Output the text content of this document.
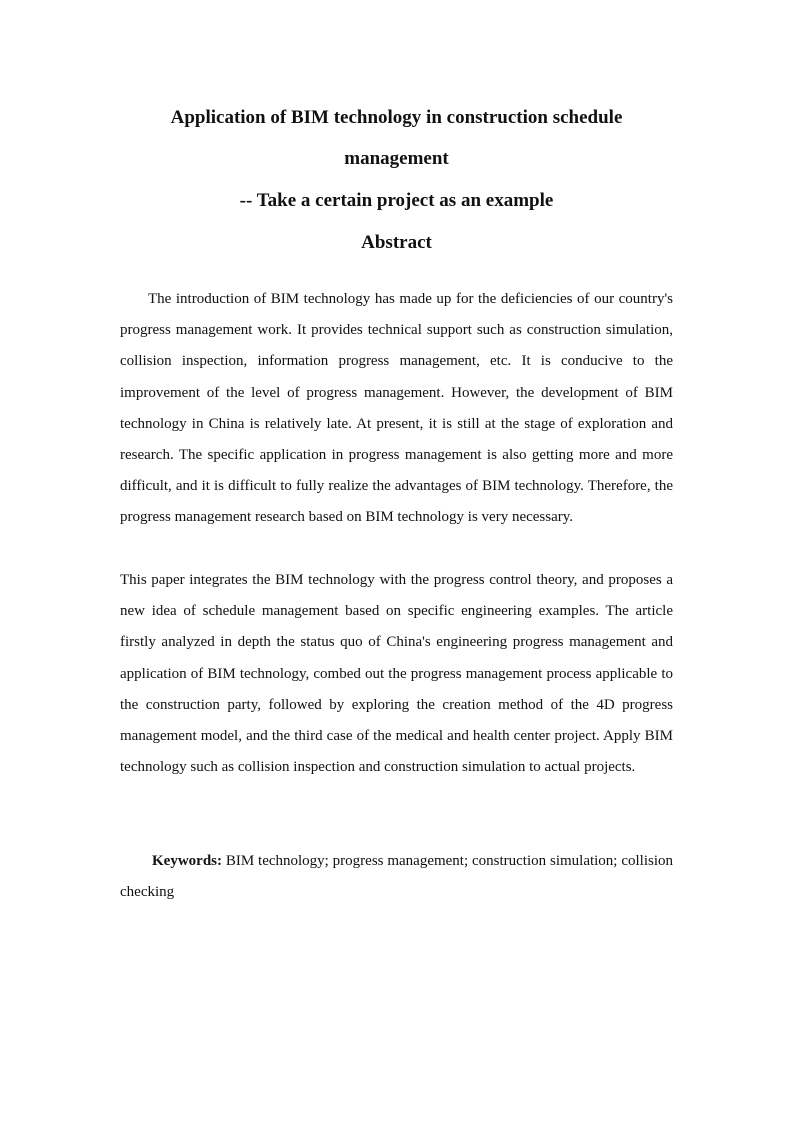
Application of BIM technology in construction schedule
management
-- Take a certain project as an example
Abstract

The introduction of BIM technology has made up for the deficiencies of our country's progress management work. It provides technical support such as construction simulation, collision inspection, information progress management, etc. It is conducive to the improvement of the level of progress management. However, the development of BIM technology in China is relatively late. At present, it is still at the stage of exploration and research. The specific application in progress management is also getting more and more difficult, and it is difficult to fully realize the advantages of BIM technology. Therefore, the progress management research based on BIM technology is very necessary.

This paper integrates the BIM technology with the progress control theory, and proposes a new idea of schedule management based on specific engineering examples. The article firstly analyzed in depth the status quo of China's engineering progress management and application of BIM technology, combed out the progress management process applicable to the construction party, followed by exploring the creation method of the 4D progress management model, and the third case of the medical and health center project. Apply BIM technology such as collision inspection and construction simulation to actual projects.

Keywords: BIM technology; progress management; construction simulation; collision checking
